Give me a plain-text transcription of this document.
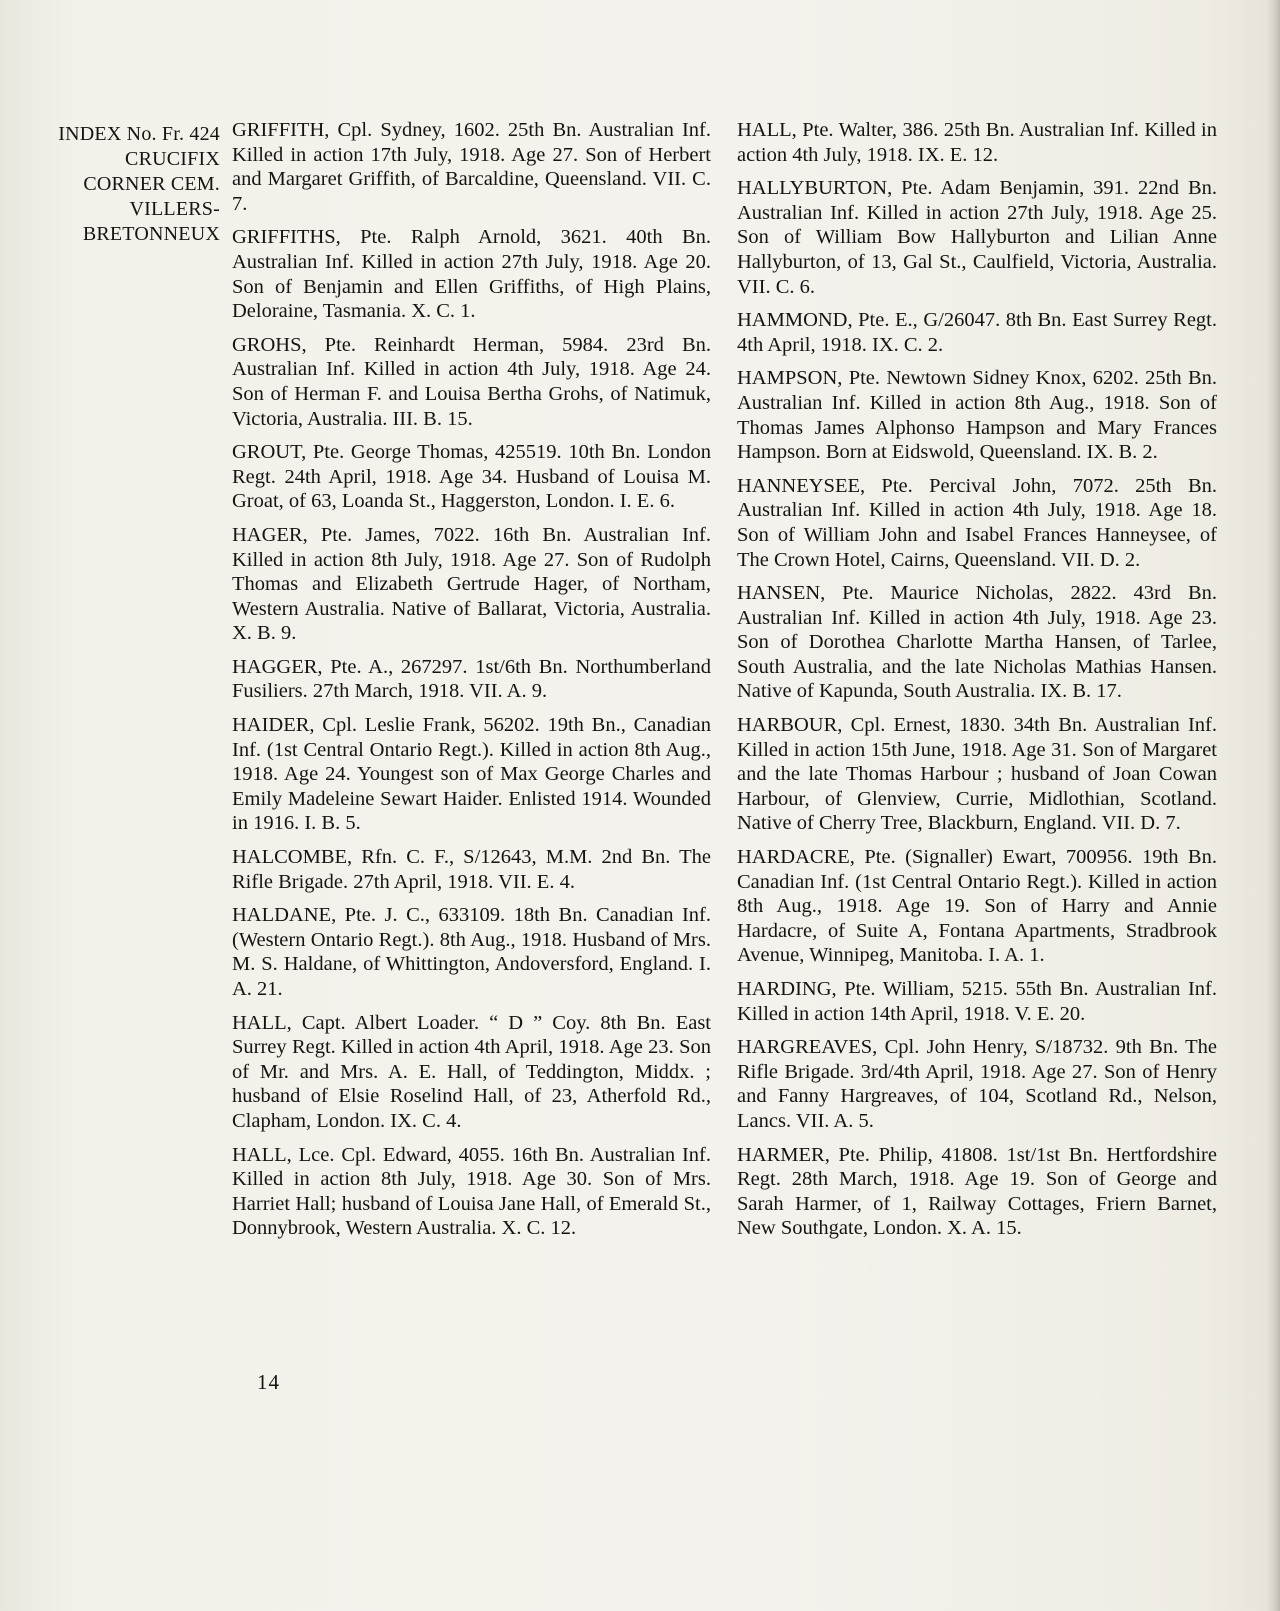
INDEX No. Fr. 424
CRUCIFIX
CORNER CEM.
VILLERS-
BRETONNEUX

GRIFFITH, Cpl. Sydney, 1602. 25th Bn. Australian Inf. Killed in action 17th July, 1918. Age 27. Son of Herbert and Margaret Griffith, of Barcaldine, Queensland. VII. C. 7.

GRIFFITHS, Pte. Ralph Arnold, 3621. 40th Bn. Australian Inf. Killed in action 27th July, 1918. Age 20. Son of Benjamin and Ellen Griffiths, of High Plains, Deloraine, Tasmania. X. C. 1.

GROHS, Pte. Reinhardt Herman, 5984. 23rd Bn. Australian Inf. Killed in action 4th July, 1918. Age 24. Son of Herman F. and Louisa Bertha Grohs, of Natimuk, Victoria, Australia. III. B. 15.

GROUT, Pte. George Thomas, 425519. 10th Bn. London Regt. 24th April, 1918. Age 34. Husband of Louisa M. Groat, of 63, Loanda St., Haggerston, London. I. E. 6.

HAGER, Pte. James, 7022. 16th Bn. Australian Inf. Killed in action 8th July, 1918. Age 27. Son of Rudolph Thomas and Elizabeth Gertrude Hager, of Northam, Western Australia. Native of Ballarat, Victoria, Australia. X. B. 9.

HAGGER, Pte. A., 267297. 1st/6th Bn. Northumberland Fusiliers. 27th March, 1918. VII. A. 9.

HAIDER, Cpl. Leslie Frank, 56202. 19th Bn., Canadian Inf. (1st Central Ontario Regt.). Killed in action 8th Aug., 1918. Age 24. Youngest son of Max George Charles and Emily Madeleine Sewart Haider. Enlisted 1914. Wounded in 1916. I. B. 5.

HALCOMBE, Rfn. C. F., S/12643, M.M. 2nd Bn. The Rifle Brigade. 27th April, 1918. VII. E. 4.

HALDANE, Pte. J. C., 633109. 18th Bn. Canadian Inf. (Western Ontario Regt.). 8th Aug., 1918. Husband of Mrs. M. S. Haldane, of Whittington, Andoversford, England. I. A. 21.

HALL, Capt. Albert Loader. “ D ” Coy. 8th Bn. East Surrey Regt. Killed in action 4th April, 1918. Age 23. Son of Mr. and Mrs. A. E. Hall, of Teddington, Middx. ; husband of Elsie Roselind Hall, of 23, Atherfold Rd., Clapham, London. IX. C. 4.

HALL, Lce. Cpl. Edward, 4055. 16th Bn. Australian Inf. Killed in action 8th July, 1918. Age 30. Son of Mrs. Harriet Hall; husband of Louisa Jane Hall, of Emerald St., Donnybrook, Western Australia. X. C. 12.

HALL, Pte. Walter, 386. 25th Bn. Australian Inf. Killed in action 4th July, 1918. IX. E. 12.

HALLYBURTON, Pte. Adam Benjamin, 391. 22nd Bn. Australian Inf. Killed in action 27th July, 1918. Age 25. Son of William Bow Hallyburton and Lilian Anne Hallyburton, of 13, Gal St., Caulfield, Victoria, Australia. VII. C. 6.

HAMMOND, Pte. E., G/26047. 8th Bn. East Surrey Regt. 4th April, 1918. IX. C. 2.

HAMPSON, Pte. Newtown Sidney Knox, 6202. 25th Bn. Australian Inf. Killed in action 8th Aug., 1918. Son of Thomas James Alphonso Hampson and Mary Frances Hampson. Born at Eidswold, Queensland. IX. B. 2.

HANNEYSEE, Pte. Percival John, 7072. 25th Bn. Australian Inf. Killed in action 4th July, 1918. Age 18. Son of William John and Isabel Frances Hanneysee, of The Crown Hotel, Cairns, Queensland. VII. D. 2.

HANSEN, Pte. Maurice Nicholas, 2822. 43rd Bn. Australian Inf. Killed in action 4th July, 1918. Age 23. Son of Dorothea Charlotte Martha Hansen, of Tarlee, South Australia, and the late Nicholas Mathias Hansen. Native of Kapunda, South Australia. IX. B. 17.

HARBOUR, Cpl. Ernest, 1830. 34th Bn. Australian Inf. Killed in action 15th June, 1918. Age 31. Son of Margaret and the late Thomas Harbour ; husband of Joan Cowan Harbour, of Glenview, Currie, Midlothian, Scotland. Native of Cherry Tree, Blackburn, England. VII. D. 7.

HARDACRE, Pte. (Signaller) Ewart, 700956. 19th Bn. Canadian Inf. (1st Central Ontario Regt.). Killed in action 8th Aug., 1918. Age 19. Son of Harry and Annie Hardacre, of Suite A, Fontana Apartments, Stradbrook Avenue, Winnipeg, Manitoba. I. A. 1.

HARDING, Pte. William, 5215. 55th Bn. Australian Inf. Killed in action 14th April, 1918. V. E. 20.

HARGREAVES, Cpl. John Henry, S/18732. 9th Bn. The Rifle Brigade. 3rd/4th April, 1918. Age 27. Son of Henry and Fanny Hargreaves, of 104, Scotland Rd., Nelson, Lancs. VII. A. 5.

HARMER, Pte. Philip, 41808. 1st/1st Bn. Hertfordshire Regt. 28th March, 1918. Age 19. Son of George and Sarah Harmer, of 1, Railway Cottages, Friern Barnet, New Southgate, London. X. A. 15.

14
